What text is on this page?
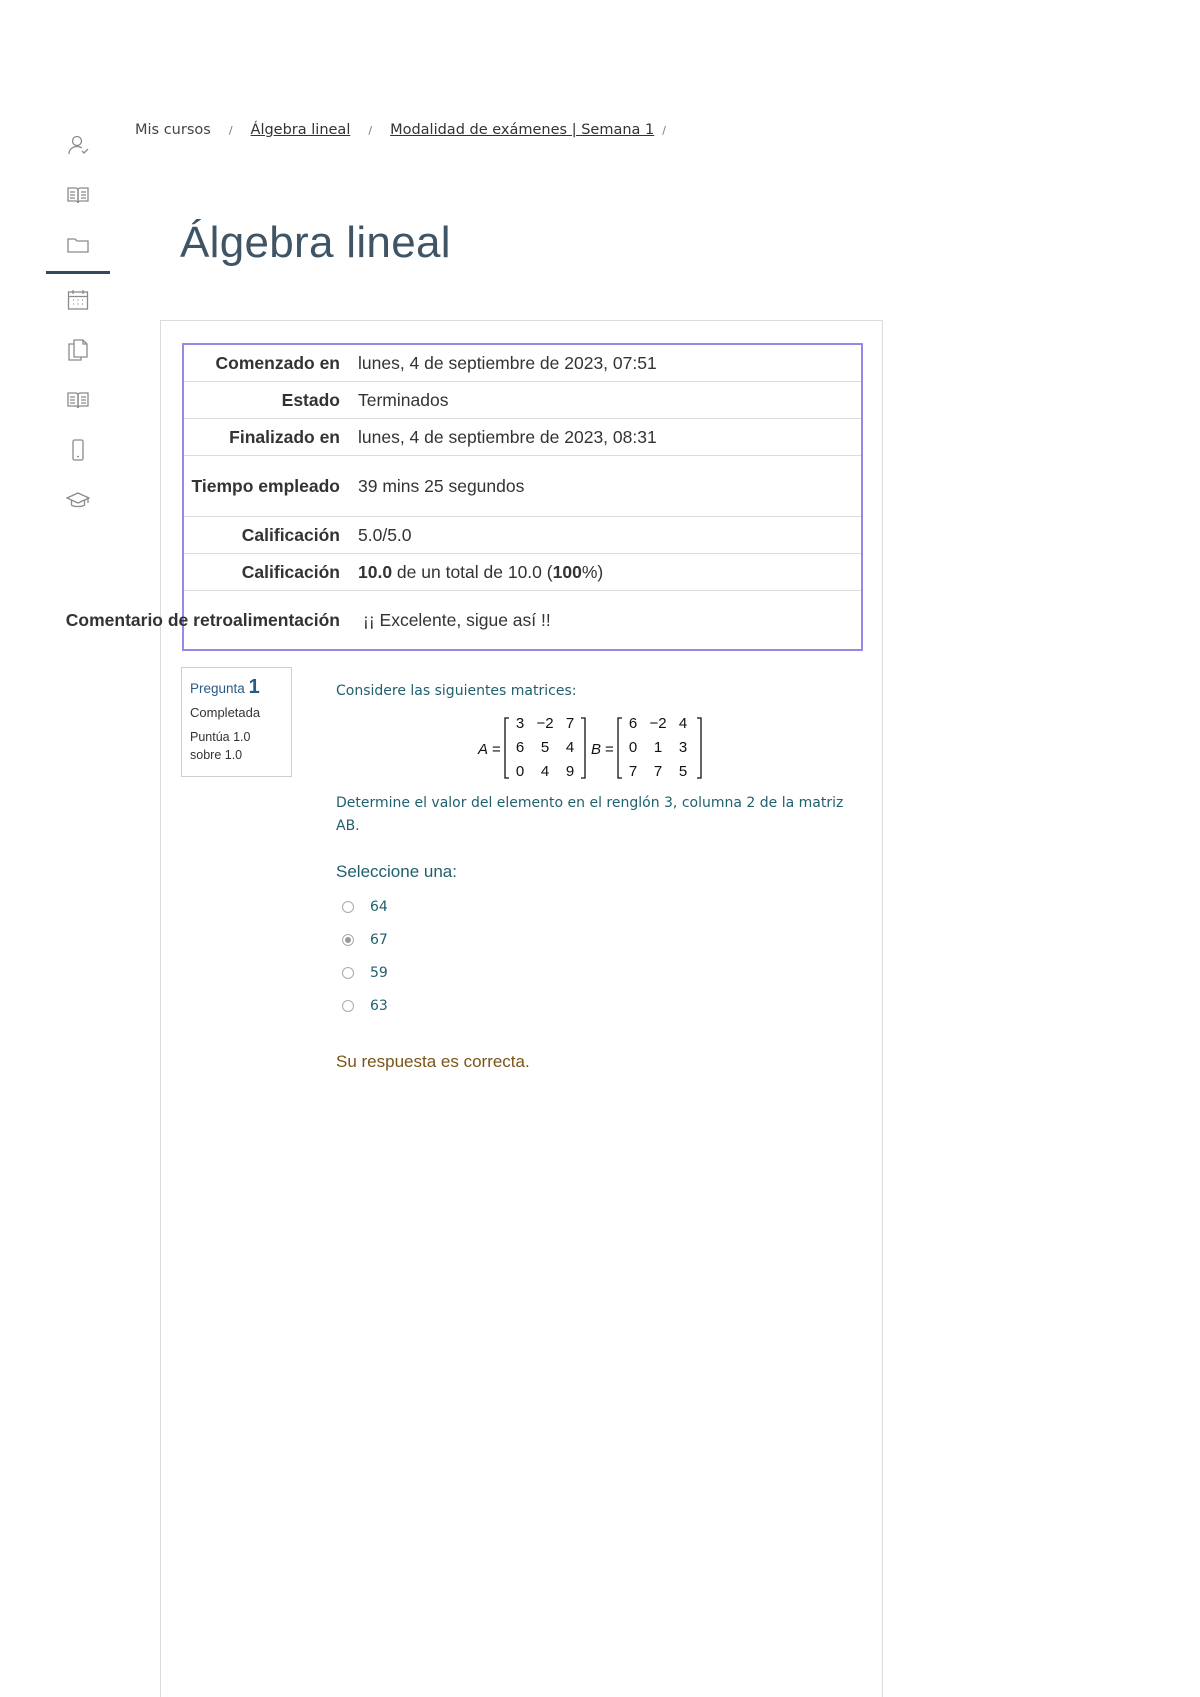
Mis cursos / Álgebra lineal / Modalidad de exámenes | Semana 1 /
Álgebra lineal
Comenzado en	lunes, 4 de septiembre de 2023, 07:51
Estado	Terminados
Finalizado en	lunes, 4 de septiembre de 2023, 08:31
Tiempo empleado	39 mins 25 segundos
Calificación	5.0/5.0
Calificación	10.0 de un total de 10.0 ( 100 %)
Comentario de retroalimentación	¡¡ Excelente, sigue así !!
Pregunta 1
Completada
Puntúa 1.0 sobre 1.0

Considere las siguientes matrices:

A =
3 −2 7
6 5 4
0 4 9
B =
6 −2 4
0 1 3
7 7 5
Determine el valor del elemento en el renglón 3, columna 2 de la matriz AB.
Seleccione una:
64
67
59
63
Su respuesta es correcta.
